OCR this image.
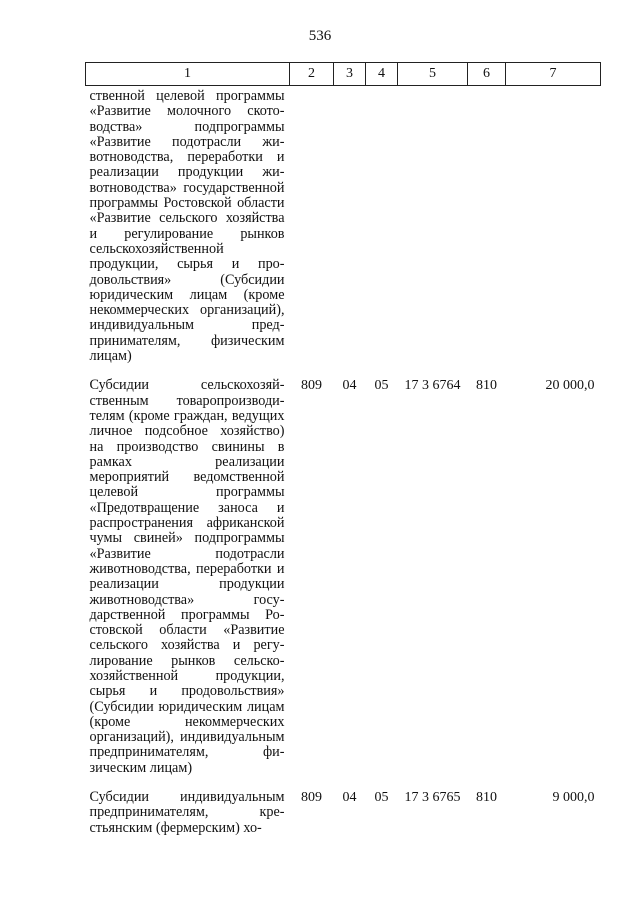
536
1	2	3	4	5	6	7
ственной целевой программы «Развитие молочного скотоводства» подпрограммы «Развитие подотрасли животноводства, переработки и реализации продукции животноводства» государственной программы Ростовской области «Развитие сельского хозяйства и регулирование рынков сельскохозяйственной продукции, сырья и продовольствия» (Субсидии юридическим лицам (кроме некоммерческих организаций), индивидуальным предпринимателям, физическим лицам)						
Субсидии сельскохозяйственным товаропроизводителям (кроме граждан, ведущих личное подсобное хозяйство) на производство свинины в рамках реализации мероприятий ведомственной целевой программы «Предотвращение заноса и распространения африканской чумы свиней» подпрограммы «Развитие подотрасли животноводства, переработки и реализации продукции животноводства» государственной программы Ростовской области «Развитие сельского хозяйства и регулирование рынков сельскохозяйственной продукции, сырья и продовольствия» (Субсидии юридическим лицам (кроме некоммерческих организаций), индивидуальным предпринимателям, физическим лицам)	809	04	05	17 3 6764	810	20 000,0
Субсидии индивидуальным предпринимателям, крестьянским (фермерским) хо-	809	04	05	17 3 6765	810	9 000,0
